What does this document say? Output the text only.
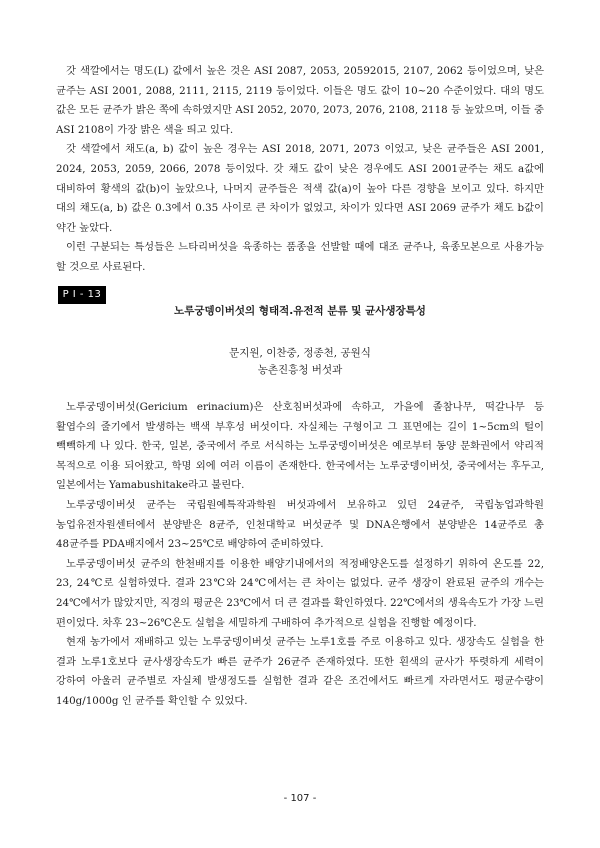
갓 색깔에서는 명도(L) 값에서 높은 것은 ASI 2087, 2053, 20592015, 2107, 2062 등이었으며, 낮은 균주는 ASI 2001, 2088, 2111, 2115, 2119 등이었다. 이들은 명도 값이 10~20 수준이었다. 대의 명도 값은 모든 균주가 밝은 쪽에 속하였지만 ASI 2052, 2070, 2073, 2076, 2108, 2118 등 높았으며, 이들 중 ASI 2108이 가장 밝은 색을 띄고 있다.

갓 색깔에서 채도(a, b) 값이 높은 경우는 ASI 2018, 2071, 2073 이었고, 낮은 균주들은 ASI 2001, 2024, 2053, 2059, 2066, 2078 등이었다. 갓 채도 값이 낮은 경우에도 ASI 2001균주는 채도 a값에 대비하여 황색의 값(b)이 높았으나, 나머지 균주들은 적색 값(a)이 높아 다른 경향을 보이고 있다. 하지만 대의 채도(a, b) 값은 0.3에서 0.35 사이로 큰 차이가 없었고, 차이가 있다면 ASI 2069 균주가 채도 b값이 약간 높았다.

이런 구분되는 특성들은 느타리버섯을 육종하는 품종을 선발할 때에 대조 균주나, 육종모본으로 사용가능 할 것으로 사료된다.

P I - 13
노루궁뎅이버섯의 형태적.유전적 분류 및 균사생장특성
문지원, 이찬중, 정종천, 공원식
농촌진흥청 버섯과

노루궁뎅이버섯(Gericium erinacium)은 산호침버섯과에 속하고, 가을에 졸참나무, 떡갈나무 등 활엽수의 줄기에서 발생하는 백색 부후성 버섯이다. 자실체는 구형이고 그 표면에는 길이 1~5cm의 털이 빽빽하게 나 있다. 한국, 일본, 중국에서 주로 서식하는 노루궁뎅이버섯은 예로부터 동양 문화권에서 약리적 목적으로 이용 되어왔고, 학명 외에 여러 이름이 존재한다. 한국에서는 노루궁뎅이버섯, 중국에서는 후두고, 일본에서는 Yamabushitake라고 불린다.

노루궁뎅이버섯 균주는 국립원예특작과학원 버섯과에서 보유하고 있던 24균주, 국립농업과학원 농업유전자원센터에서 분양받은 8균주, 인천대학교 버섯균주 및 DNA은행에서 분양받은 14균주로 총 48균주를 PDA배지에서 23~25℃로 배양하여 준비하였다.

노루궁뎅이버섯 균주의 한천배지를 이용한 배양기내에서의 적정배양온도를 설정하기 위하여 온도를 22, 23, 24℃로 실험하였다. 결과 23℃와 24℃에서는 큰 차이는 없었다. 균주 생장이 완료된 균주의 개수는 24℃에서가 많았지만, 직경의 평균은 23℃에서 더 큰 결과를 확인하였다. 22℃에서의 생육속도가 가장 느린 편이었다. 차후 23~26℃온도 실험을 세밀하게 구배하여 추가적으로 실험을 진행할 예정이다.

현재 농가에서 재배하고 있는 노루궁뎅이버섯 균주는 노루1호를 주로 이용하고 있다. 생장속도 실험을 한 결과 노루1호보다 균사생장속도가 빠른 균주가 26균주 존재하였다. 또한 흰색의 균사가 뚜렷하게 세력이 강하여 아울러 균주별로 자실체 발생정도를 실험한 결과 같은 조건에서도 빠르게 자라면서도 평균수량이 140g/1000g 인 균주를 확인할 수 있었다.

- 107 -
